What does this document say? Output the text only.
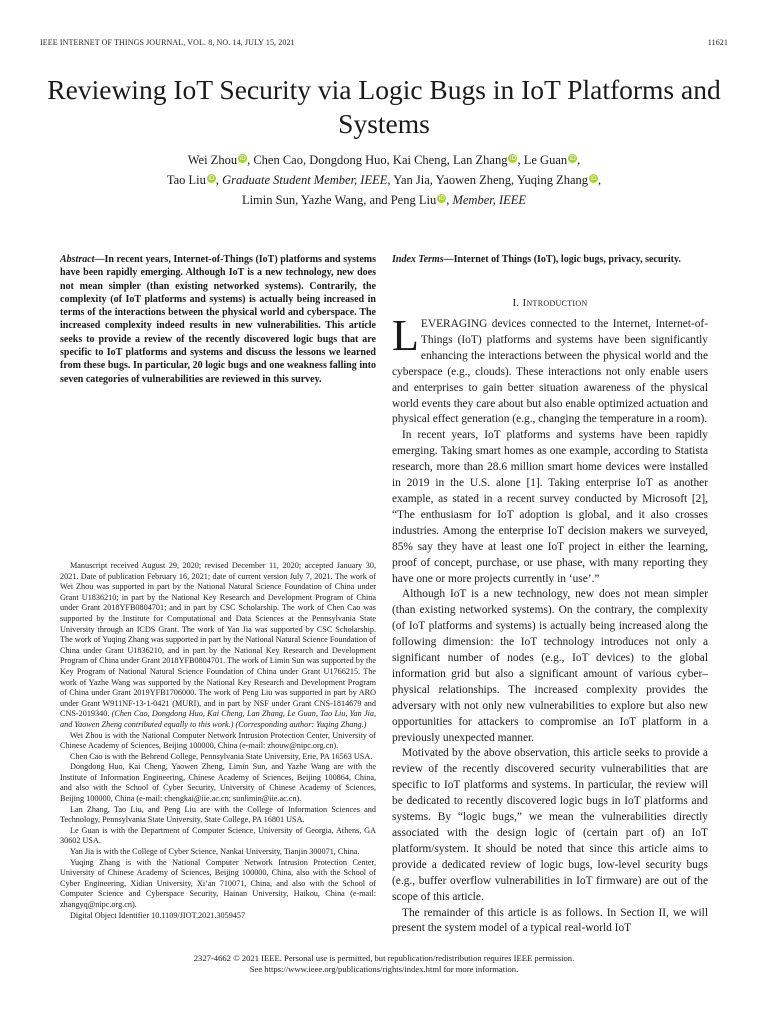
IEEE INTERNET OF THINGS JOURNAL, VOL. 8, NO. 14, JULY 15, 2021	11621
Reviewing IoT Security via Logic Bugs in IoT Platforms and Systems
Wei Zhou iD, Chen Cao, Dongdong Huo, Kai Cheng, Lan Zhang iD, Le Guan iD,
Tao Liu iD, Graduate Student Member, IEEE, Yan Jia, Yaowen Zheng, Yuqing Zhang iD,
Limin Sun, Yazhe Wang, and Peng Liu iD, Member, IEEE
Abstract—In recent years, Internet-of-Things (IoT) platforms and systems have been rapidly emerging. Although IoT is a new technology, new does not mean simpler (than existing networked systems). Contrarily, the complexity (of IoT platforms and systems) is actually being increased in terms of the interactions between the physical world and cyberspace. The increased complexity indeed results in new vulnerabilities. This article seeks to provide a review of the recently discovered logic bugs that are specific to IoT platforms and systems and discuss the lessons we learned from these bugs. In particular, 20 logic bugs and one weakness falling into seven categories of vulnerabilities are reviewed in this survey.

Manuscript received August 29, 2020; revised December 11, 2020; accepted January 30, 2021. Date of publication February 16, 2021; date of current version July 7, 2021. The work of Wei Zhou was supported in part by the National Natural Science Foundation of China under Grant U1836210; in part by the National Key Research and Development Program of China under Grant 2018YFB0804701; and in part by CSC Scholarship. The work of Chen Cao was supported by the Institute for Computational and Data Sciences at the Pennsylvania State University through an ICDS Grant. The work of Yan Jia was supported by CSC Scholarship. The work of Yuqing Zhang was supported in part by the National Natural Science Foundation of China under Grant U1836210, and in part by the National Key Research and Development Program of China under Grant 2018YFB0804701. The work of Limin Sun was supported by the Key Program of National Natural Science Foundation of China under Grant U1766215. The work of Yazhe Wang was supported by the National Key Research and Development Program of China under Grant 2019YFB1706000. The work of Peng Liu was supported in part by ARO under Grant W911NF-13-1-0421 (MURI), and in part by NSF under Grant CNS-1814679 and CNS-2019340. (Chen Cao, Dongdong Huo, Kai Cheng, Lan Zhang, Le Guan, Tao Liu, Yan Jia, and Yaowen Zheng contributed equally to this work.) (Corresponding author: Yuqing Zhang.)

Wei Zhou is with the National Computer Network Intrusion Protection Center, University of Chinese Academy of Sciences, Beijing 100000, China (e-mail: zhouw@nipc.org.cn).

Chen Cao is with the Behrend College, Pennsylvania State University, Erie, PA 16563 USA.

Dongdong Huo, Kai Cheng, Yaowen Zheng, Limin Sun, and Yazhe Wang are with the Institute of Information Engineering, Chinese Academy of Sciences, Beijing 100864, China, and also with the School of Cyber Security, University of Chinese Academy of Sciences, Beijing 100000, China (e-mail: chengkai@iie.ac.cn; sunlimin@iie.ac.cn).

Lan Zhang, Tao Liu, and Peng Liu are with the College of Information Sciences and Technology, Pennsylvania State University, State College, PA 16801 USA.

Le Guan is with the Department of Computer Science, University of Georgia, Athens, GA 30602 USA.

Yan Jia is with the College of Cyber Science, Nankai University, Tianjin 300071, China.

Yuqing Zhang is with the National Computer Network Intrusion Protection Center, University of Chinese Academy of Sciences, Beijing 100000, China, also with the School of Cyber Engineering, Xidian University, Xi’an 710071, China, and also with the School of Computer Science and Cyberspace Security, Hainan University, Haikou, China (e-mail: zhangyq@nipc.org.cn).

Digital Object Identifier 10.1109/JIOT.2021.3059457

Index Terms—Internet of Things (IoT), logic bugs, privacy, security.
I. Introduction

LEVERAGING devices connected to the Internet, Internet-of-Things (IoT) platforms and systems have been significantly enhancing the interactions between the physical world and the cyberspace (e.g., clouds). These interactions not only enable users and enterprises to gain better situation awareness of the physical world events they care about but also enable optimized actuation and physical effect generation (e.g., changing the temperature in a room).

In recent years, IoT platforms and systems have been rapidly emerging. Taking smart homes as one example, according to Statista research, more than 28.6 million smart home devices were installed in 2019 in the U.S. alone [1]. Taking enterprise IoT as another example, as stated in a recent survey conducted by Microsoft [2], “The enthusiasm for IoT adoption is global, and it also crosses industries. Among the enterprise IoT decision makers we surveyed, 85% say they have at least one IoT project in either the learning, proof of concept, purchase, or use phase, with many reporting they have one or more projects currently in ‘use’.”

Although IoT is a new technology, new does not mean simpler (than existing networked systems). On the contrary, the complexity (of IoT platforms and systems) is actually being increased along the following dimension: the IoT technology introduces not only a significant number of nodes (e.g., IoT devices) to the global information grid but also a significant amount of various cyber–physical relationships. The increased complexity provides the adversary with not only new vulnerabilities to explore but also new opportunities for attackers to compromise an IoT platform in a previously unexpected manner.

Motivated by the above observation, this article seeks to provide a review of the recently discovered security vulnerabilities that are specific to IoT platforms and systems. In particular, the review will be dedicated to recently discovered logic bugs in IoT platforms and systems. By “logic bugs,” we mean the vulnerabilities directly associated with the design logic of (certain part of) an IoT platform/system. It should be noted that since this article aims to provide a dedicated review of logic bugs, low-level security bugs (e.g., buffer overflow vulnerabilities in IoT firmware) are out of the scope of this article.

The remainder of this article is as follows. In Section II, we will present the system model of a typical real-world IoT

2327-4662 © 2021 IEEE. Personal use is permitted, but republication/redistribution requires IEEE permission.
See https://www.ieee.org/publications/rights/index.html for more information.
